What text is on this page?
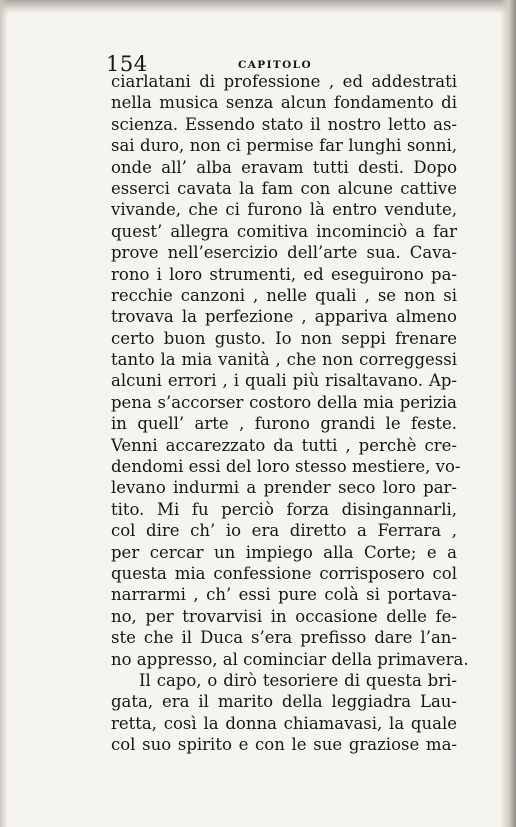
154	CAPITOLO
ciarlatani di professione , ed addestrati
nella musica senza alcun fondamento di
scienza. Essendo stato il nostro letto as-
sai duro, non ci permise far lunghi sonni,
onde all’ alba eravam tutti desti. Dopo
esserci cavata la fam con alcune cattive
vivande, che ci furono là entro vendute,
quest’ allegra comitiva incominciò a far
prove nell’esercizio dell’arte sua. Cava-
rono i loro strumenti, ed eseguirono pa-
recchie canzoni , nelle quali , se non si
trovava la perfezione , appariva almeno
certo buon gusto. Io non seppi frenare
tanto la mia vanità , che non correggessi
alcuni errori , i quali più risaltavano. Ap-
pena s’accorser costoro della mia perizia
in quell’ arte , furono grandi le feste.
Venni accarezzato da tutti , perchè cre-
dendomi essi del loro stesso mestiere, vo-
levano indurmi a prender seco loro par-
tito. Mi fu perciò forza disingannarli,
col dire ch’ io era diretto a Ferrara ,
per cercar un impiego alla Corte; e a
questa mia confessione corrisposero col
narrarmi , ch’ essi pure colà si portava-
no, per trovarvisi in occasione delle fe-
ste che il Duca s’era prefisso dare l’an-
no appresso, al cominciar della primavera.
Il capo, o dirò tesoriere di questa bri-
gata, era il marito della leggiadra Lau-
retta, così la donna chiamavasi, la quale
col suo spirito e con le sue graziose ma-
